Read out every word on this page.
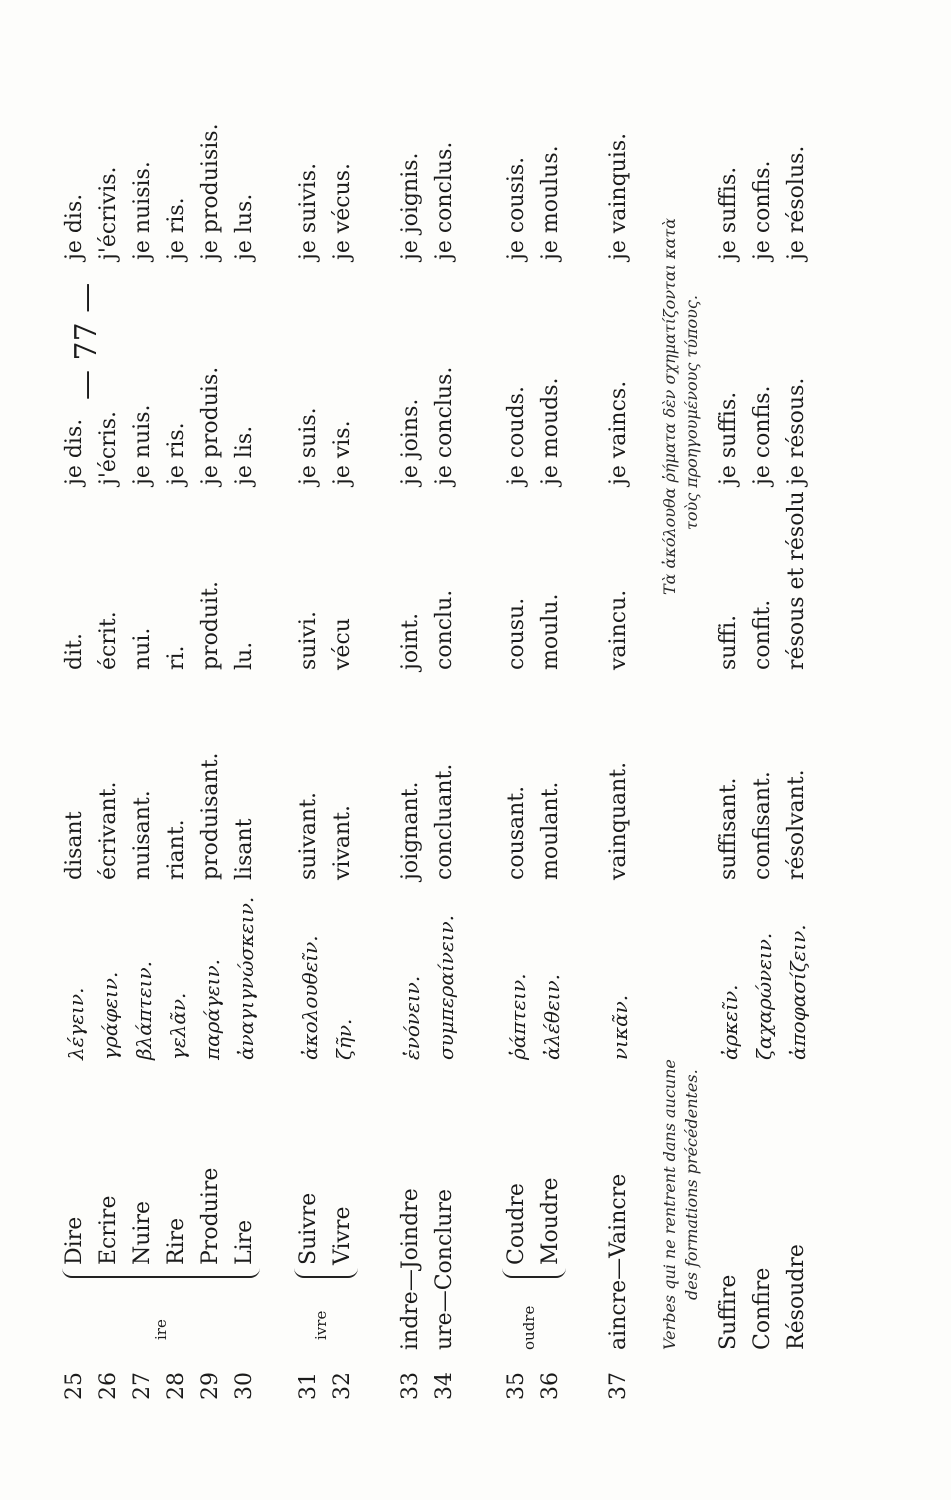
— 77 —
25
Dire
λέγειν.
disant
dit.
je dis.
je dis.
26
Ecrire
γράφειν.
écrivant.
écrit.
j'écris.
j'écrivis.
27
Nuire
βλάπτειν.
nuisant.
nui.
je nuis.
je nuisis.
ire
28
Rire
γελᾶν.
riant.
ri.
je ris.
je ris.
29
Produire
παράγειν.
produisant.
produit.
je produis.
je produisis.
30
Lire
ἀναγιγνώσκειν.
lisant
lu.
je lis.
je lus.
ivre
31
Suivre
ἀκολουθεῖν.
suivant.
suivi.
je suis.
je suivis.
32
Vivre
ζῆν.
vivant.
vécu
je vis.
je vécus.
33
indre—Joindre
ἑνόνειν.
joignant.
joint.
je joins.
je joignis.
34
ure—Conclure
συμπεραίνειν.
concluant.
conclu.
je conclus.
je conclus.
oudre
35
Coudre
ῥάπτειν.
cousant.
cousu.
je couds.
je cousis.
36
Moudre
ἀλέθειν.
moulant.
moulu.
je mouds.
je moulus.
37
aincre—Vaincre
νικᾶν.
vainquant.
vaincu.
je vaincs.
je vainquis.
Verbes qui ne rentrent dans aucune des formations précédentes.
Τὰ ἀκόλουθα ῥήματα δὲν σχηματίζονται κατὰ τοὺς προηγουμένους τύπους.
Suffire
ἀρκεῖν.
suffisant.
suffi.
je suffis.
je suffis.
Confire
ζαχαρώνειν.
confisant.
confit.
je confis.
je confis.
Résoudre
ἀποφασίζειν.
résolvant.
résous et résolu
je résous.
je résolus.
